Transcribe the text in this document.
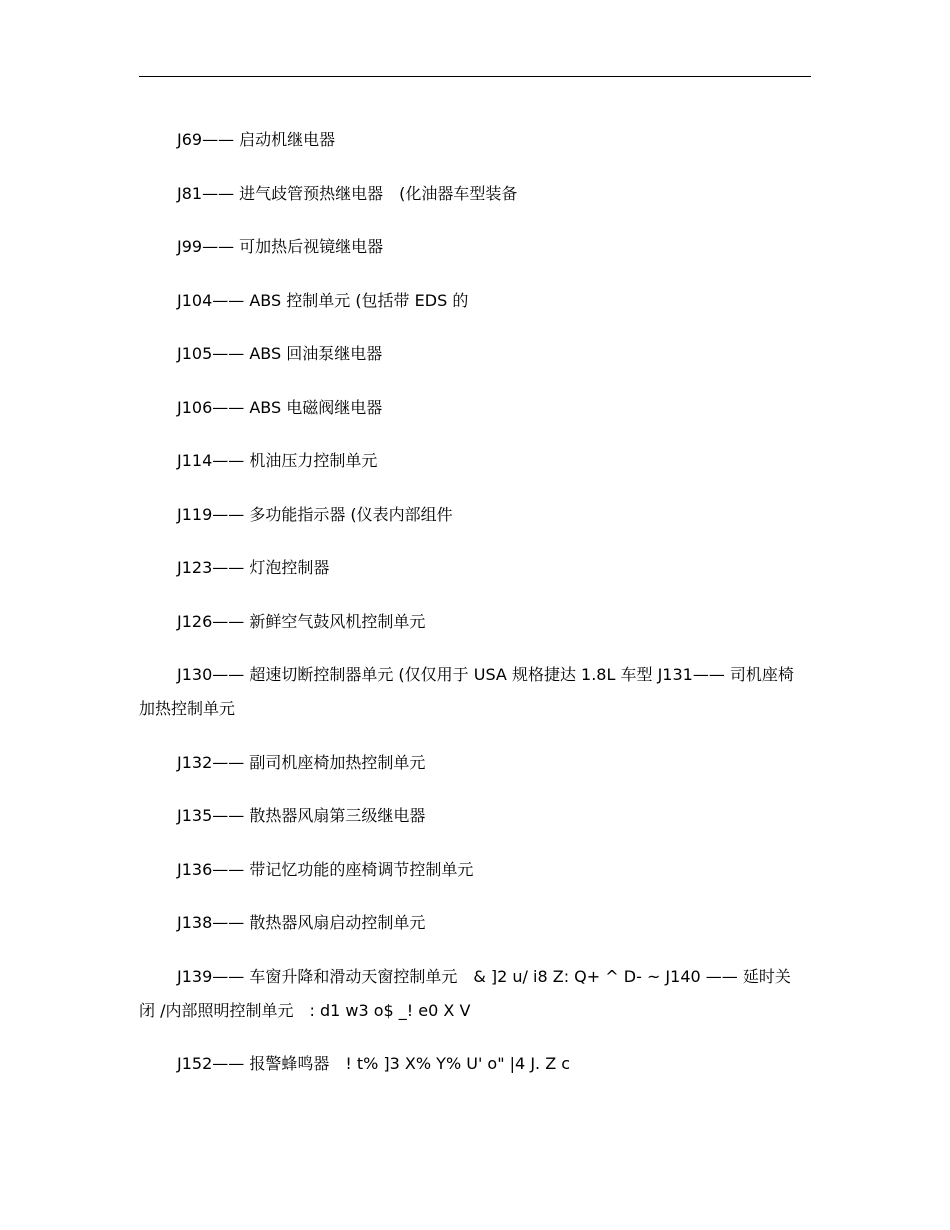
J69—— 启动机继电器

J81—— 进气歧管预热继电器　(化油器车型装备

J99—— 可加热后视镜继电器

J104—— ABS 控制单元 (包括带 EDS 的

J105—— ABS 回油泵继电器

J106—— ABS 电磁阀继电器

J114—— 机油压力控制单元

J119—— 多功能指示器 (仪表内部组件

J123—— 灯泡控制器

J126—— 新鲜空气鼓风机控制单元

J130—— 超速切断控制器单元 (仅仅用于 USA 规格捷达 1.8L 车型 J131—— 司机座椅加热控制单元

J132—— 副司机座椅加热控制单元

J135—— 散热器风扇第三级继电器

J136—— 带记忆功能的座椅调节控制单元

J138—— 散热器风扇启动控制单元

J139—— 车窗升降和滑动天窗控制单元　& ]2 u/ i8 Z: Q+ ^ D- ~ J140 —— 延时关闭 /内部照明控制单元　: d1 w3 o$ _! e0 X V

J152—— 报警蜂鸣器　! t% ]3 X% Y% U' o" |4 J. Z c
